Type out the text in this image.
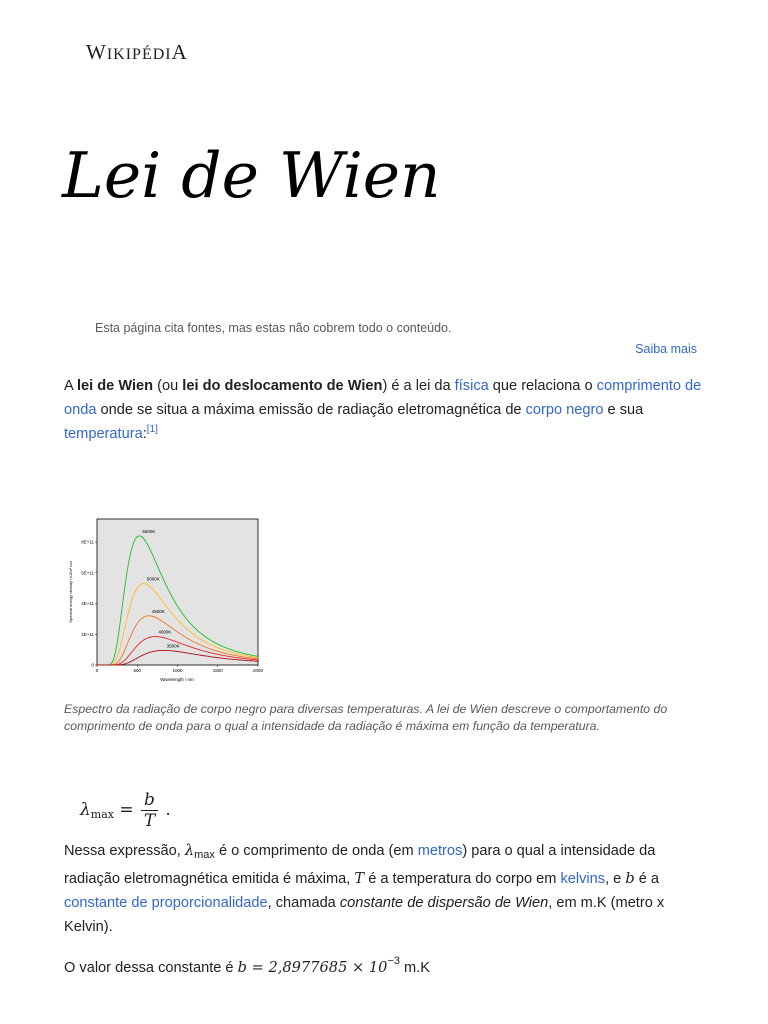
WIKIPÉDIA
Lei de Wien
Esta página cita fontes, mas estas não cobrem todo o conteúdo.
Saiba mais

A lei de Wien (ou lei do deslocamento de Wien) é a lei da física que relaciona o comprimento de onda onde se situa a máxima emissão de radiação eletromagnética de corpo negro e sua temperatura:[1]

0
2E+11
4E+11
6E+11
8E+11
0	500	1000	1500	2000
5500K
5000K
4500K
4000K
3500K
Wavelength / nm
Spectral energy density / kJ/m³ nm

Espectro da radiação de corpo negro para diversas temperaturas. A lei de Wien descreve o comportamento do comprimento de onda para o qual a intensidade da radiação é máxima em função da temperatura.

$\lambda_{max} = \frac{b}{T}$ .

Nessa expressão, $\lambda_{max}$ é o comprimento de onda (em metros) para o qual a intensidade da radiação eletromagnética emitida é máxima, T é a temperatura do corpo em kelvins, e b é a constante de proporcionalidade, chamada constante de dispersão de Wien, em m.K (metro x Kelvin).

O valor dessa constante é $b = 2,8977685 \times 10^{-3}$ m.K
